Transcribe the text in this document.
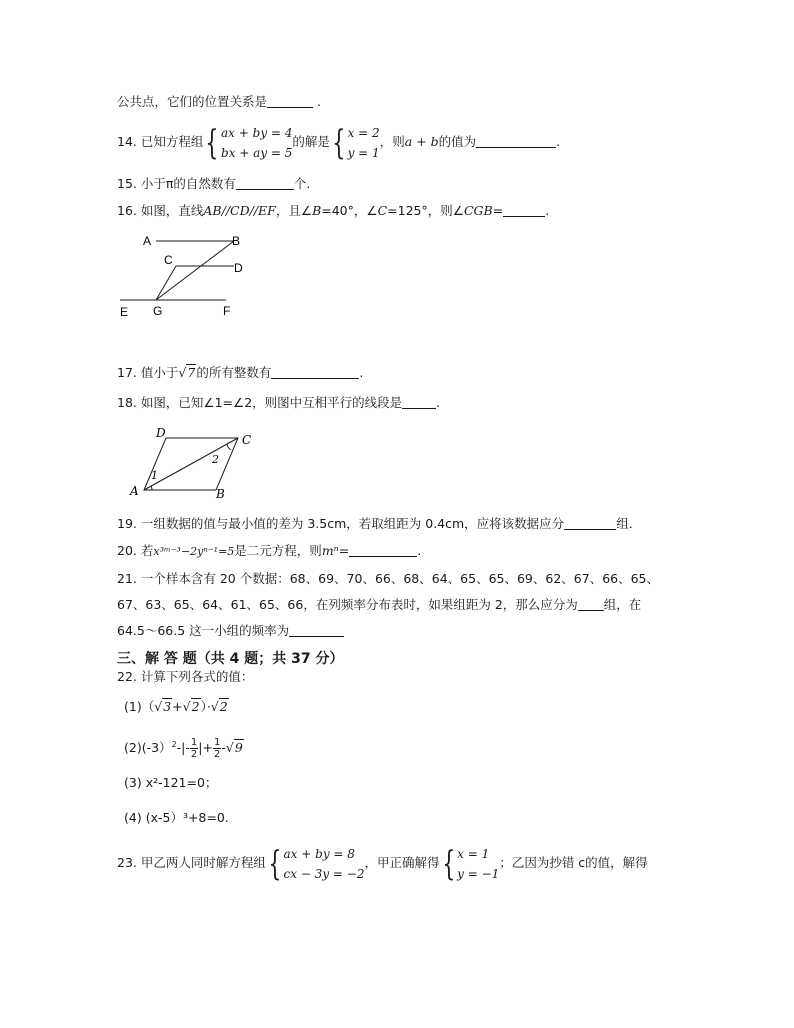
公共点，它们的位置关系是	.
14. 已知方程组 { ax + by = 4
bx + ay = 5
的解是 { x = 2
y = 1
，则a + b的值为	.
15. 小于π的自然数有	个.
16. 如图，直线AB//CD//EF，且∠B=40°，∠C=125°，则∠CGB=	.
A	B
C
D
E G	F
17. 值小于√7的所有整数有	.
18. 如图，已知∠1=∠2，则图中互相平行的线段是	.
A	B
C
D
1
2
19. 一组数据的值与最小值的差为 3.5cm，若取组距为 0.4cm，应将该数据应分	组．
20. 若x³ᵐ⁻³−2yⁿ⁻¹=5是二元方程，则mⁿ=	.
21. 一个样本含有 20 个数据：68、69、70、66、68、64、65、65、69、62、67、66、65、
67、63、65、64、61、65、66，在列频率分布表时，如果组距为 2，那么应分为 组，在
64.5～66.5 这一小组的频率为
三、解 答 题（共 4 题；共 37 分）
22. 计算下列各式的值：
(1)（√3+√2）·√2
$(2)(-3)^2-|- \frac{1}{2}$ |+ $\frac{1}{2} -√9$
(3) x²-121=0；
(4) (x-5）³+8=0.
23. 甲乙两人同时解方程组 { ax + by = 8
cx − 3y = −2
，甲正确解得 { x = 1
y = −1
；乙因为抄错 c的值，解得
